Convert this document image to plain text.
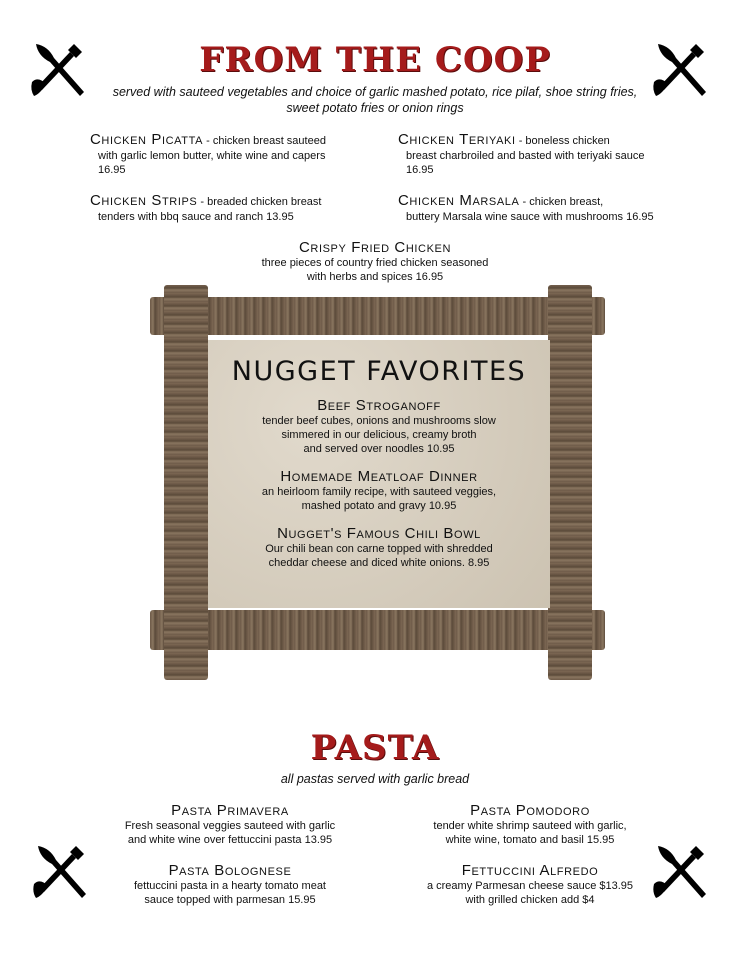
FROM THE COOP
served with sauteed vegetables and choice of garlic mashed potato, rice pilaf, shoe string fries,
sweet potato fries or onion rings
Chicken Picatta - chicken breast sauteed
with garlic lemon butter, white wine and capers
16.95
Chicken Teriyaki - boneless chicken
breast charbroiled and basted with teriyaki sauce
16.95
Chicken Strips - breaded chicken breast
tenders with bbq sauce and ranch 13.95
Chicken Marsala - chicken breast,
buttery Marsala wine sauce with mushrooms 16.95
Crispy Fried Chicken
three pieces of country fried chicken seasoned
with herbs and spices 16.95
NUGGET FAVORITES
Beef Stroganoff
tender beef cubes, onions and mushrooms slow
simmered in our delicious, creamy broth
and served over noodles 10.95
Homemade Meatloaf Dinner
an heirloom family recipe, with sauteed veggies,
mashed potato and gravy 10.95
Nugget's Famous Chili Bowl
Our chili bean con carne topped with shredded
cheddar cheese and diced white onions. 8.95
PASTA
all pastas served with garlic bread
Pasta Primavera
Fresh seasonal veggies sauteed with garlic
and white wine over fettuccini pasta 13.95
Pasta Pomodoro
tender white shrimp sauteed with garlic,
white wine, tomato and basil 15.95
Pasta Bolognese
fettuccini pasta in a hearty tomato meat
sauce topped with parmesan 15.95
Fettuccini Alfredo
a creamy Parmesan cheese sauce $13.95
with grilled chicken add $4
